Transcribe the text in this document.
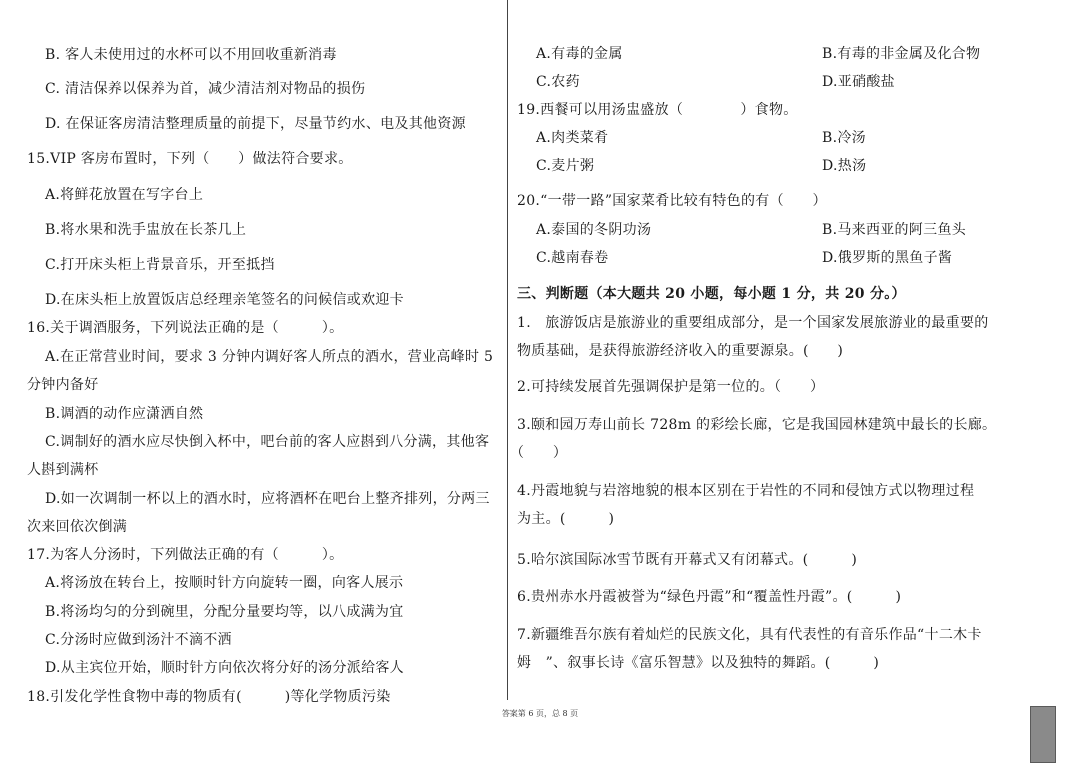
B. 客人未使用过的水杯可以不用回收重新消毒
C. 清洁保养以保养为首，减少清洁剂对物品的损伤
D. 在保证客房清洁整理质量的前提下，尽量节约水、电及其他资源
15.VIP 客房布置时，下列（　　）做法符合要求。
A.将鲜花放置在写字台上
B.将水果和洗手盅放在长茶几上
C.打开床头柜上背景音乐，开至抵挡
D.在床头柜上放置饭店总经理亲笔签名的问候信或欢迎卡
16.关于调酒服务，下列说法正确的是（　　　）。
A.在正常营业时间，要求 3 分钟内调好客人所点的酒水，营业高峰时 5
分钟内备好
B.调酒的动作应潇洒自然
C.调制好的酒水应尽快倒入杯中，吧台前的客人应斟到八分满，其他客
人斟到满杯
D.如一次调制一杯以上的酒水时，应将酒杯在吧台上整齐排列，分两三
次来回依次倒满
17.为客人分汤时，下列做法正确的有（　　　）。
A.将汤放在转台上，按顺时针方向旋转一圈，向客人展示
B.将汤均匀的分到碗里，分配分量要均等，以八成满为宜
C.分汤时应做到汤汁不滴不洒
D.从主宾位开始，顺时针方向依次将分好的汤分派给客人
18.引发化学性食物中毒的物质有(　　　)等化学物质污染
A.有毒的金属	B.有毒的非金属及化合物
C.农药	D.亚硝酸盐
19.西餐可以用汤盅盛放（　　　　）食物。
A.肉类菜肴	B.冷汤
C.麦片粥	D.热汤
20.“一带一路”国家菜肴比较有特色的有（　　）
A.泰国的冬阴功汤	B.马来西亚的阿三鱼头
C.越南春卷	D.俄罗斯的黑鱼子酱
三、判断题（本大题共 20 小题，每小题 1 分，共 20 分。）
1.　旅游饭店是旅游业的重要组成部分，是一个国家发展旅游业的最重要的
物质基础，是获得旅游经济收入的重要源泉。(　　)
2.可持续发展首先强调保护是第一位的。（　　）
3.颐和园万寿山前长 728m 的彩绘长廊，它是我国园林建筑中最长的长廊。
（　　）
4.丹霞地貌与岩溶地貌的根本区别在于岩性的不同和侵蚀方式以物理过程
为主。(　　　)
5.哈尔滨国际冰雪节既有开幕式又有闭幕式。(　　　)
6.贵州赤水丹霞被誉为“绿色丹霞”和“覆盖性丹霞”。(　　　)
7.新疆维吾尔族有着灿烂的民族文化，具有代表性的有音乐作品“十二木卡
姆　”、叙事长诗《富乐智慧》以及独特的舞蹈。(　　　)
答案第 6 页，总 8 页
